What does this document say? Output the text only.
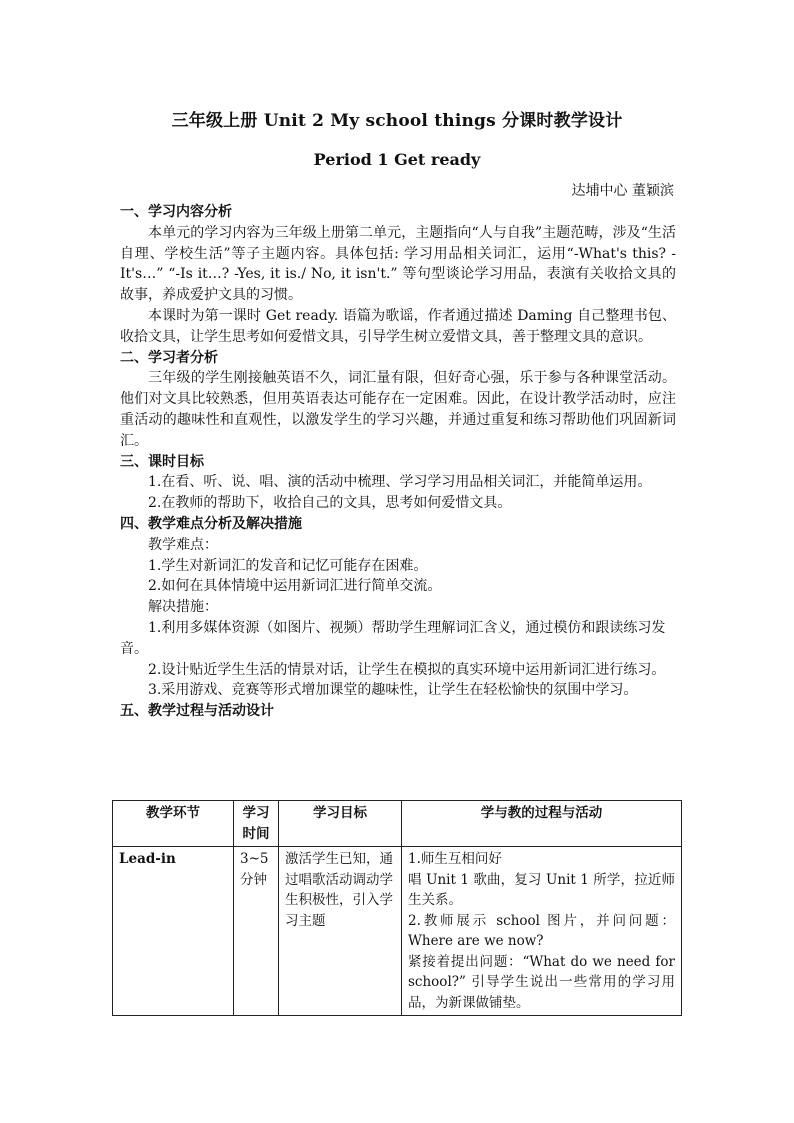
三年级上册 Unit 2 My school things 分课时教学设计
Period 1 Get ready
达埔中心 董颖滨

一、学习内容分析

本单元的学习内容为三年级上册第二单元，主题指向“人与自我”主题范畴，涉及“生活自理、学校生活”等子主题内容。具体包括: 学习用品相关词汇，运用“-What's this? -It's…” “-Is it…? -Yes, it is./ No, it isn't.” 等句型谈论学习用品，表演有关收拾文具的故事，养成爱护文具的习惯。

本课时为第一课时 Get ready. 语篇为歌谣，作者通过描述 Daming 自己整理书包、收拾文具，让学生思考如何爱惜文具，引导学生树立爱惜文具，善于整理文具的意识。

二、学习者分析

三年级的学生刚接触英语不久，词汇量有限，但好奇心强，乐于参与各种课堂活动。他们对文具比较熟悉，但用英语表达可能存在一定困难。因此，在设计教学活动时，应注重活动的趣味性和直观性，以激发学生的学习兴趣，并通过重复和练习帮助他们巩固新词汇。

三、课时目标

1.在看、听、说、唱、演的活动中梳理、学习学习用品相关词汇，并能简单运用。

2.在教师的帮助下，收拾自己的文具，思考如何爱惜文具。

四、教学难点分析及解决措施

教学难点：

1.学生对新词汇的发音和记忆可能存在困难。

2.如何在具体情境中运用新词汇进行简单交流。

解决措施：

1.利用多媒体资源（如图片、视频）帮助学生理解词汇含义，通过模仿和跟读练习发音。

2.设计贴近学生生活的情景对话，让学生在模拟的真实环境中运用新词汇进行练习。

3.采用游戏、竞赛等形式增加课堂的趣味性，让学生在轻松愉快的氛围中学习。

五、教学过程与活动设计

教学环节	学习时间	学习目标	学与教的过程与活动
Lead-in	3~5分钟	激活学生已知，通过唱歌活动调动学生积极性，引入学习主题	1.师生互相问好
唱 Unit 1 歌曲，复习 Unit 1 所学，拉近师生关系。
2.教师展示 school 图片，并问问题：Where are we now?
紧接着提出问题：“What do we need for school?” 引导学生说出一些常用的学习用品，为新课做铺垫。
